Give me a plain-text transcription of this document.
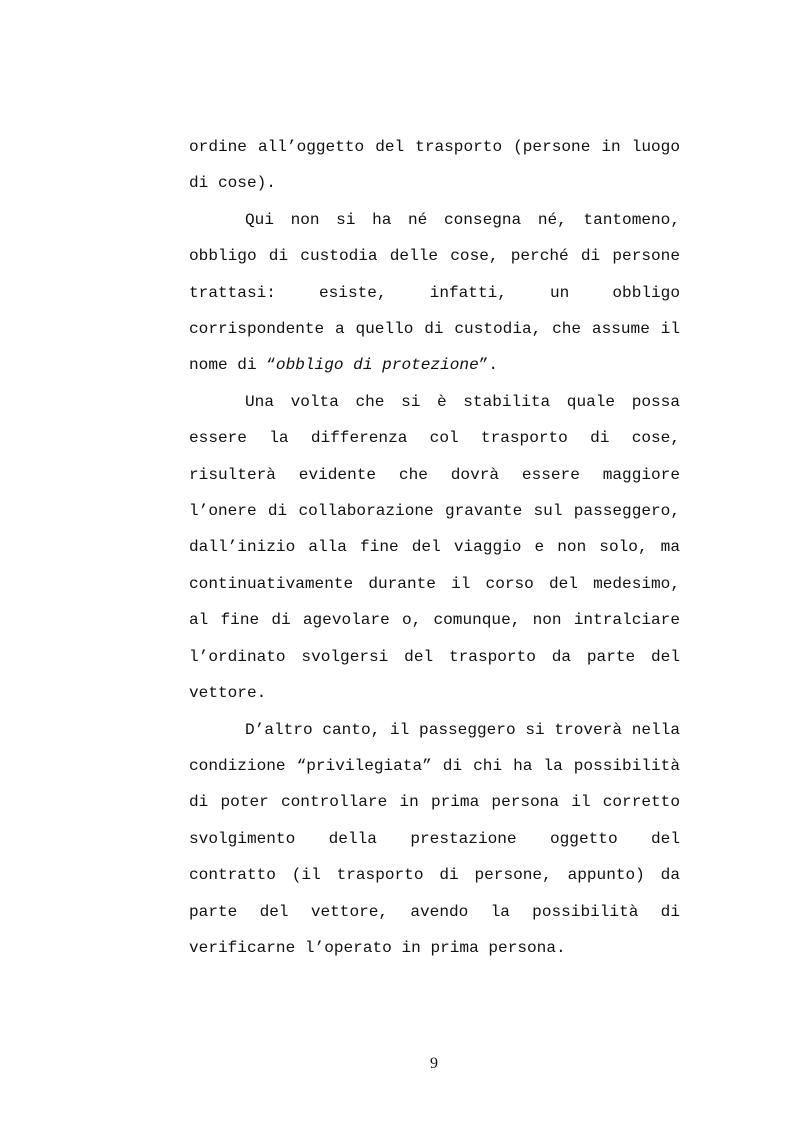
ordine all’oggetto del trasporto (persone in luogo di cose).

Qui non si ha né consegna né, tantomeno, obbligo di custodia delle cose, perché di persone trattasi: esiste, infatti, un obbligo corrispondente a quello di custodia, che assume il nome di “obbligo di protezione”.

Una volta che si è stabilita quale possa essere la differenza col trasporto di cose, risulterà evidente che dovrà essere maggiore l’onere di collaborazione gravante sul passeggero, dall’inizio alla fine del viaggio e non solo, ma continuativamente durante il corso del medesimo, al fine di agevolare o, comunque, non intralciare l’ordinato svolgersi del trasporto da parte del vettore.

D’altro canto, il passeggero si troverà nella condizione “privilegiata” di chi ha la possibilità di poter controllare in prima persona il corretto svolgimento della prestazione oggetto del contratto (il trasporto di persone, appunto) da parte del vettore, avendo la possibilità di verificarne l’operato in prima persona.

9
